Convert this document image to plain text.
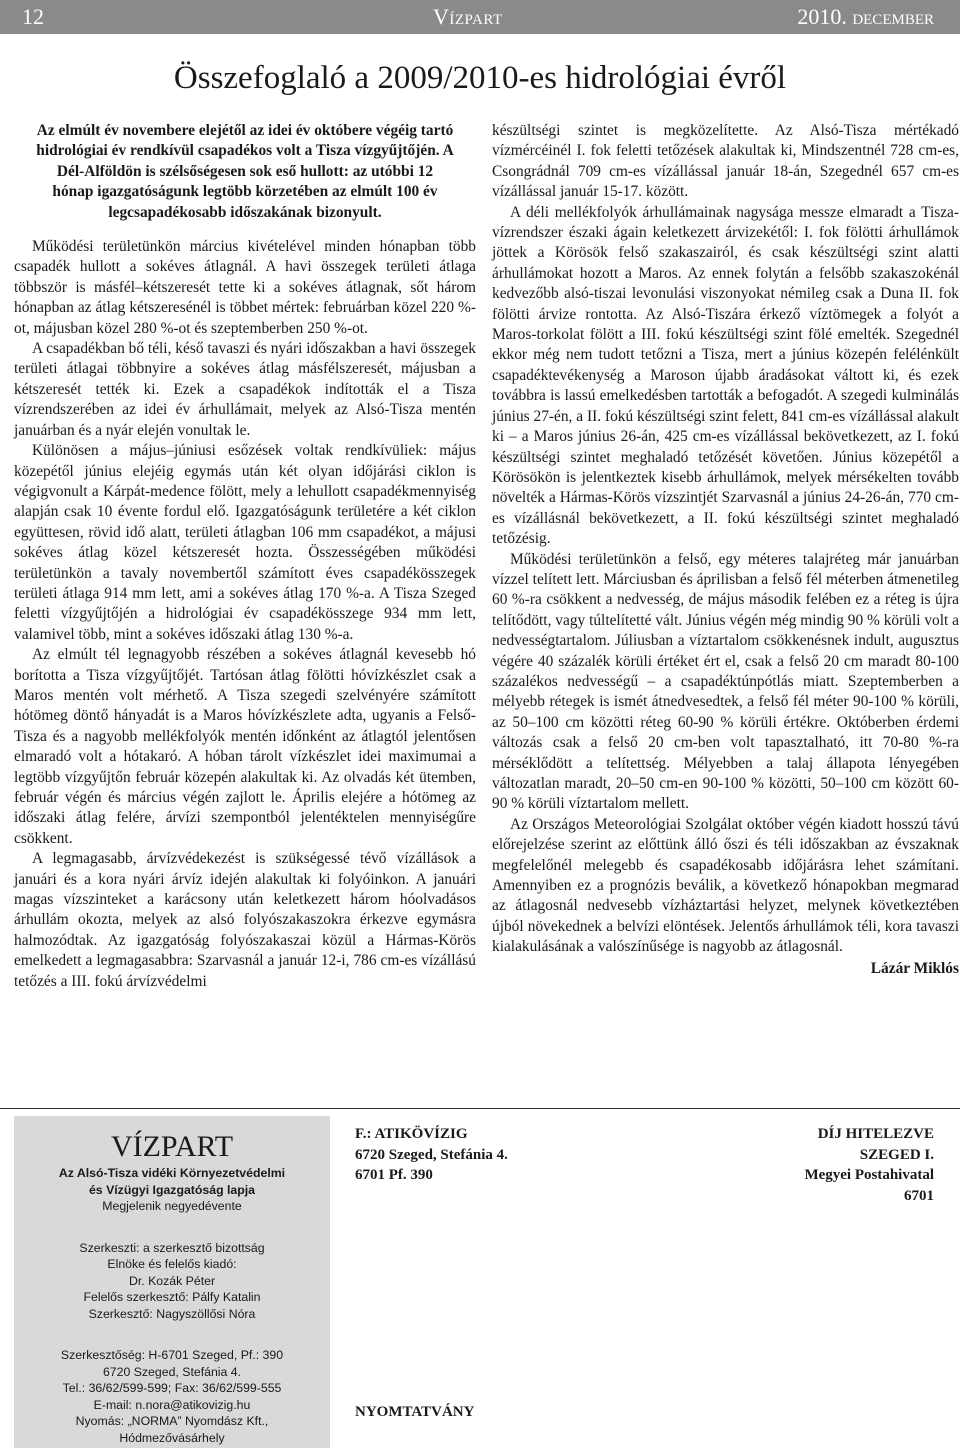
12	Vízpart	2010. december
Összefoglaló a 2009/2010-es hidrológiai évről

Az elmúlt év novembere elejétől az idei év októbere végéig tartó hidrológiai év rendkívül csapadékos volt a Tisza vízgyűjtőjén. A Dél-Alföldön is szélsőségesen sok eső hullott: az utóbbi 12 hónap igazgatóságunk legtöbb körzetében az elmúlt 100 év legcsapadékosabb időszakának bizonyult.

Működési területünkön március kivételével minden hónapban több csapadék hullott a sokéves átlagnál. A havi összegek területi átlaga többször is másfél–kétszeresét tette ki a sokéves átlagnak, sőt három hónapban az átlag kétszeresénél is többet mértek: februárban közel 220 %-ot, májusban közel 280 %-ot és szeptemberben 250 %-ot.

A csapadékban bő téli, késő tavaszi és nyári időszakban a havi összegek területi átlagai többnyire a sokéves átlag másfélszeresét, májusban a kétszeresét tették ki. Ezek a csapadékok indították el a Tisza vízrendszerében az idei év árhullámait, melyek az Alsó-Tisza mentén januárban és a nyár elején vonultak le.

Különösen a május–júniusi esőzések voltak rendkívüliek: május közepétől június elejéig egymás után két olyan időjárási ciklon is végigvonult a Kárpát-medence fölött, mely a lehullott csapadékmennyiség alapján csak 10 évente fordul elő. Igazgatóságunk területére a két ciklon együttesen, rövid idő alatt, területi átlagban 106 mm csapadékot, a májusi sokéves átlag közel kétszeresét hozta. Összességében működési területünkön a tavaly novembertől számított éves csapadékösszegek területi átlaga 914 mm lett, ami a sokéves átlag 170 %-a. A Tisza Szeged feletti vízgyűjtőjén a hidrológiai év csapadékösszege 934 mm lett, valamivel több, mint a sokéves időszaki átlag 130 %-a.

Az elmúlt tél legnagyobb részében a sokéves átlagnál kevesebb hó borította a Tisza vízgyűjtőjét. Tartósan átlag fölötti hóvízkészlet csak a Maros mentén volt mérhető. A Tisza szegedi szelvényére számított hótömeg döntő hányadát is a Maros hóvízkészlete adta, ugyanis a Felső-Tisza és a nagyobb mellékfolyók mentén időnként az átlagtól jelentősen elmaradó volt a hótakaró. A hóban tárolt vízkészlet idei maximumai a legtöbb vízgyűjtőn február közepén alakultak ki. Az olvadás két ütemben, február végén és március végén zajlott le. Április elejére a hótömeg az időszaki átlag felére, árvízi szempontból jelentéktelen mennyiségűre csökkent.

A legmagasabb, árvízvédekezést is szükségessé tévő vízállások a januári és a kora nyári árvíz idején alakultak ki folyóinkon. A januári magas vízszinteket a karácsony után keletkezett három hóolvadásos árhullám okozta, melyek az alsó folyószakaszokra érkezve egymásra halmozódtak. Az igazgatóság folyószakaszai közül a Hármas-Körös emelkedett a legmagasabbra: Szarvasnál a január 12-i, 786 cm-es vízállású tetőzés a III. fokú árvízvédelmi

készültségi szintet is megközelítette. Az Alsó-Tisza mértékadó vízmércéinél I. fok feletti tetőzések alakultak ki, Mindszentnél 728 cm-es, Csongrádnál 709 cm-es vízállással január 18-án, Szegednél 657 cm-es vízállással január 15-17. között.

A déli mellékfolyók árhullámainak nagysága messze elmaradt a Tisza-vízrendszer északi ágain keletkezett árvizekétől: I. fok fölötti árhullámok jöttek a Körösök felső szakaszairól, és csak készültségi szint alatti árhullámokat hozott a Maros. Az ennek folytán a felsőbb szakaszokénál kedvezőbb alsó-tiszai levonulási viszonyokat némileg csak a Duna II. fok fölötti árvize rontotta. Az Alsó-Tiszára érkező víztömegek a folyót a Maros-torkolat fölött a III. fokú készültségi szint fölé emelték. Szegednél ekkor még nem tudott tetőzni a Tisza, mert a június közepén felélénkült csapadéktevékenység a Maroson újabb áradásokat váltott ki, és ezek továbbra is lassú emelkedésben tartották a befogadót. A szegedi kulminálás június 27-én, a II. fokú készültségi szint felett, 841 cm-es vízállással alakult ki – a Maros június 26-án, 425 cm-es vízállással bekövetkezett, az I. fokú készültségi szintet meghaladó tetőzését követően. Június közepétől a Körösökön is jelentkeztek kisebb árhullámok, melyek mérsékelten tovább növelték a Hármas-Körös vízszintjét Szarvasnál a június 24-26-án, 770 cm-es vízállásnál bekövetkezett, a II. fokú készültségi szintet meghaladó tetőzésig.

Működési területünkön a felső, egy méteres talajréteg már januárban vízzel telített lett. Márciusban és áprilisban a felső fél méterben átmenetileg 60 %-ra csökkent a nedvesség, de május második felében ez a réteg is újra telítődött, vagy túltelítetté vált. Június végén még mindig 90 % körüli volt a nedvességtartalom. Júliusban a víztartalom csökkenésnek indult, augusztus végére 40 százalék körüli értéket ért el, csak a felső 20 cm maradt 80-100 százalékos nedvességű – a csapadéktúnpótlás miatt. Szeptemberben a mélyebb rétegek is ismét átnedvesedtek, a felső fél méter 90-100 % körüli, az 50–100 cm közötti réteg 60-90 % körüli értékre. Októberben érdemi változás csak a felső 20 cm-ben volt tapasztalható, itt 70-80 %-ra mérséklődött a telítettség. Mélyebben a talaj állapota lényegében változatlan maradt, 20–50 cm-en 90-100 % közötti, 50–100 cm között 60-90 % körüli víztartalom mellett.

Az Országos Meteorológiai Szolgálat október végén kiadott hosszú távú előrejelzése szerint az előttünk álló őszi és téli időszakban az évszaknak megfelelőnél melegebb és csapadékosabb időjárásra lehet számítani. Amennyiben ez a prognózis beválik, a következő hónapokban megmarad az átlagosnál nedvesebb vízháztartási helyzet, melynek következtében újból növekednek a belvízi elöntések. Jelentős árhullámok téli, kora tavaszi kialakulásának a valószínűsége is nagyobb az átlagosnál.

Lázár Miklós

VÍZPART

Az Alsó-Tisza vidéki Környezetvédelmi

és Vízügyi Igazgatóság lapja

Megjelenik negyedévente

Szerkeszti: a szerkesztő bizottság

Elnöke és felelős kiadó:

Dr. Kozák Péter

Felelős szerkesztő: Pálfy Katalin

Szerkesztő: Nagyszöllősi Nóra

Szerkesztőség: H-6701 Szeged, Pf.: 390

6720 Szeged, Stefánia 4.

Tel.: 36/62/599-599; Fax: 36/62/599-555

E-mail: n.nora@atikovizig.hu

Nyomás: „NORMA” Nyomdász Kft.,

Hódmezővásárhely

F.: ATIKÖVÍZIG
6720 Szeged, Stefánia 4.
6701 Pf. 390
DÍJ HITELEZVE
SZEGED I.
Megyei Postahivatal
6701
NYOMTATVÁNY
